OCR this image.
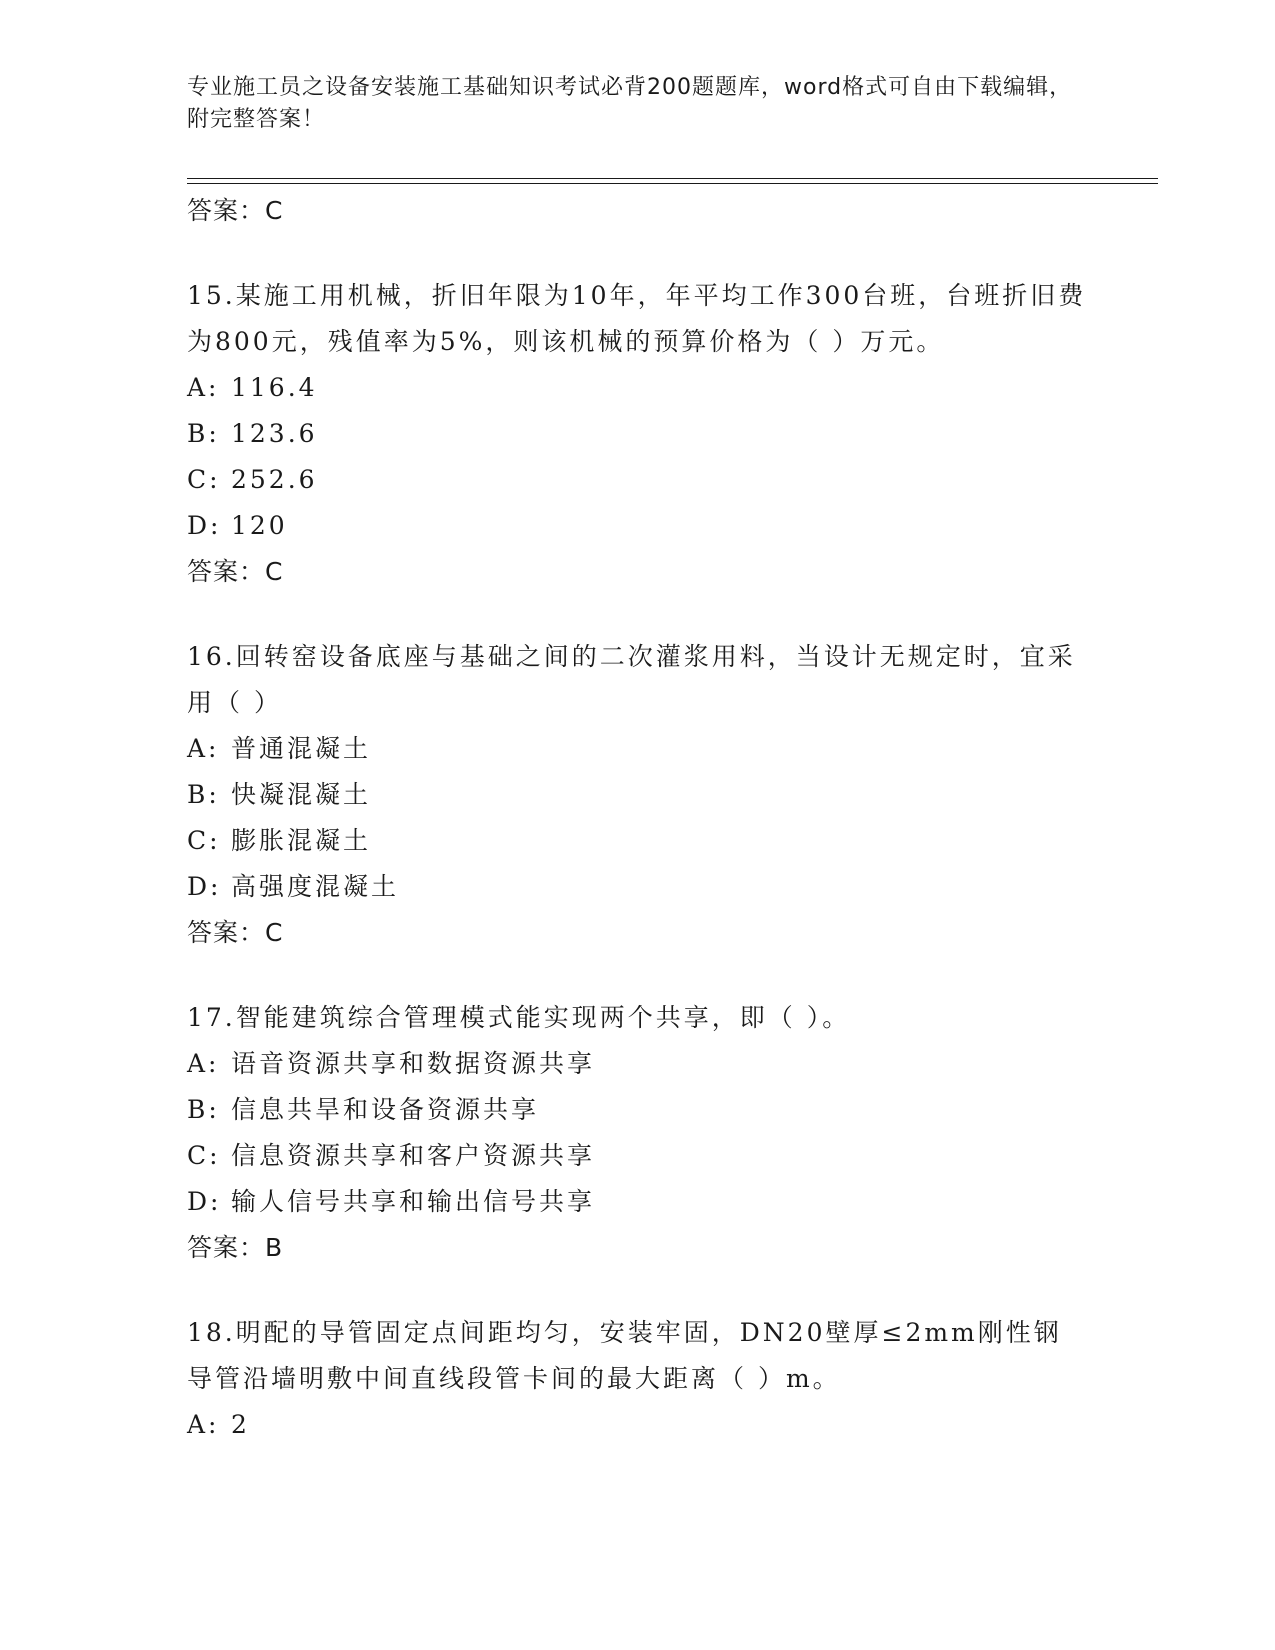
专业施工员之设备安装施工基础知识考试必背200题题库，word格式可自由下载编辑，附完整答案！
答案：C
15.某施工用机械，折旧年限为10年，年平均工作300台班，台班折旧费为800元，残值率为5%，则该机械的预算价格为（ ）万元。
A: 116.4
B: 123.6
C: 252.6
D: 120
答案：C
16.回转窑设备底座与基础之间的二次灌浆用料，当设计无规定时，宜采用（ ）
A: 普通混凝土
B: 快凝混凝土
C: 膨胀混凝土
D: 高强度混凝土
答案：C
17.智能建筑综合管理模式能实现两个共享，即（ ）。
A: 语音资源共享和数据资源共享
B: 信息共旱和设备资源共享
C: 信息资源共享和客户资源共享
D: 输人信号共享和输出信号共享
答案：B
18.明配的导管固定点间距均匀，安装牢固，DN20壁厚≤2mm刚性钢导管沿墙明敷中间直线段管卡间的最大距离（ ）m。
A: 2
